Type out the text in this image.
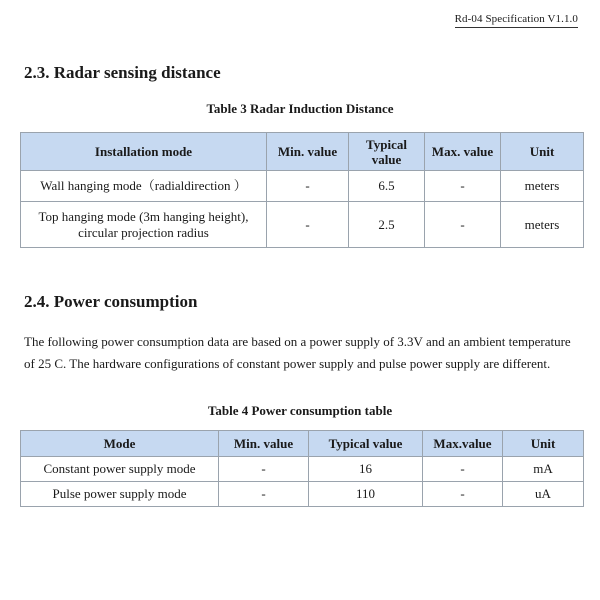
Rd-04 Specification V1.1.0
2.3. Radar sensing distance
Table 3 Radar Induction Distance
Installation mode	Min. value	Typical value	Max. value	Unit
Wall hanging mode（radialdirection ）	-	6.5	-	meters
Top hanging mode (3m hanging height), circular projection radius	-	2.5	-	meters
2.4. Power consumption

The following power consumption data are based on a power supply of 3.3V and an ambient temperature of 25 C. The hardware configurations of constant power supply and pulse power supply are different.

Table 4 Power consumption table
Mode	Min. value	Typical value	Max.value	Unit
Constant power supply mode	-	16	-	mA
Pulse power supply mode	-	110	-	uA
